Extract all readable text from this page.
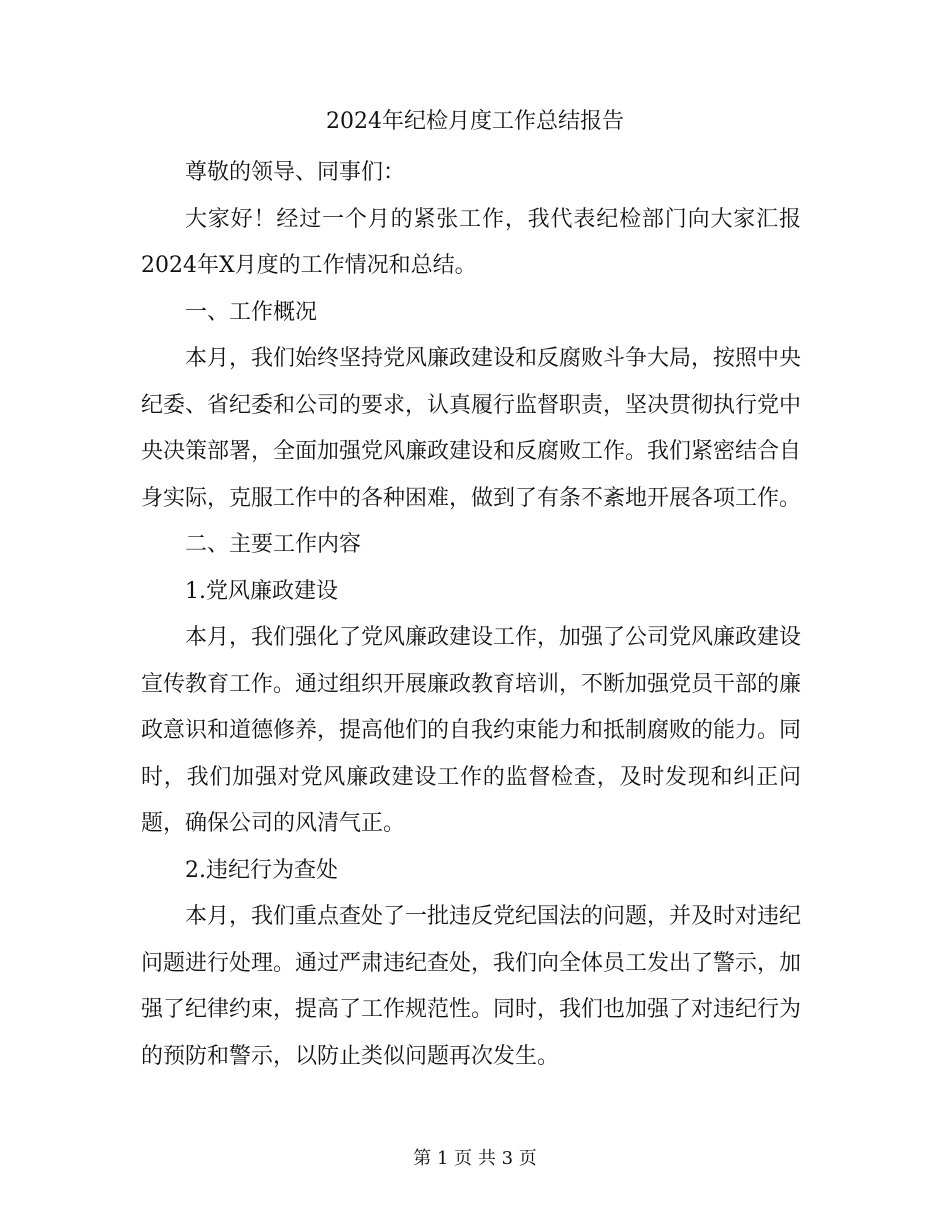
2024年纪检月度工作总结报告

尊敬的领导、同事们：

大家好！经过一个月的紧张工作，我代表纪检部门向大家汇报2024年X月度的工作情况和总结。

一、工作概况

本月，我们始终坚持党风廉政建设和反腐败斗争大局，按照中央纪委、省纪委和公司的要求，认真履行监督职责，坚决贯彻执行党中央决策部署，全面加强党风廉政建设和反腐败工作。我们紧密结合自身实际，克服工作中的各种困难，做到了有条不紊地开展各项工作。

二、主要工作内容

1.党风廉政建设

本月，我们强化了党风廉政建设工作，加强了公司党风廉政建设宣传教育工作。通过组织开展廉政教育培训，不断加强党员干部的廉政意识和道德修养，提高他们的自我约束能力和抵制腐败的能力。同时，我们加强对党风廉政建设工作的监督检查，及时发现和纠正问题，确保公司的风清气正。

2.违纪行为查处

本月，我们重点查处了一批违反党纪国法的问题，并及时对违纪问题进行处理。通过严肃违纪查处，我们向全体员工发出了警示，加强了纪律约束，提高了工作规范性。同时，我们也加强了对违纪行为的预防和警示，以防止类似问题再次发生。

第 1 页 共 3 页
